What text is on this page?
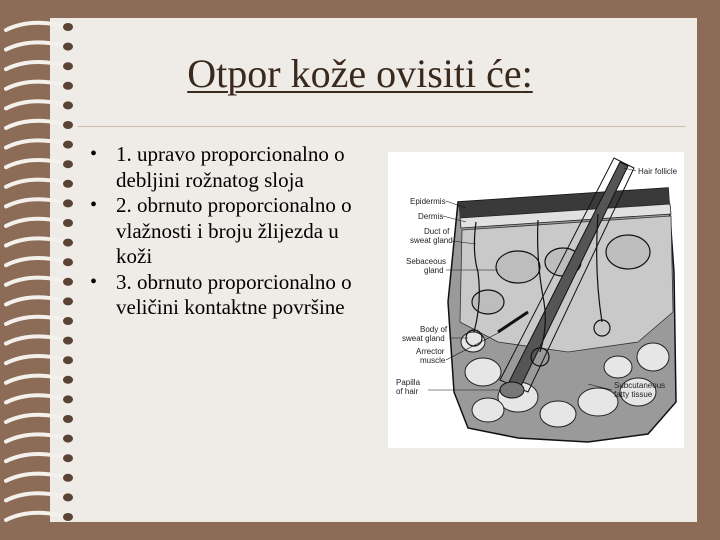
Otpor kože ovisiti će:
• 1. upravo proporcionalno o debljini rožnatog sloja
• 2. obrnuto proporcionalno o vlažnosti i broju žlijezda u koži
• 3. obrnuto proporcionalno o veličini kontaktne površine
Hair follicle
Epidermis
Dermis
Duct of
sweat gland
Sebaceous
gland
Body of
sweat gland
Arrector
muscle
Papilla
of hair
Subcutaneous
fatty tissue
